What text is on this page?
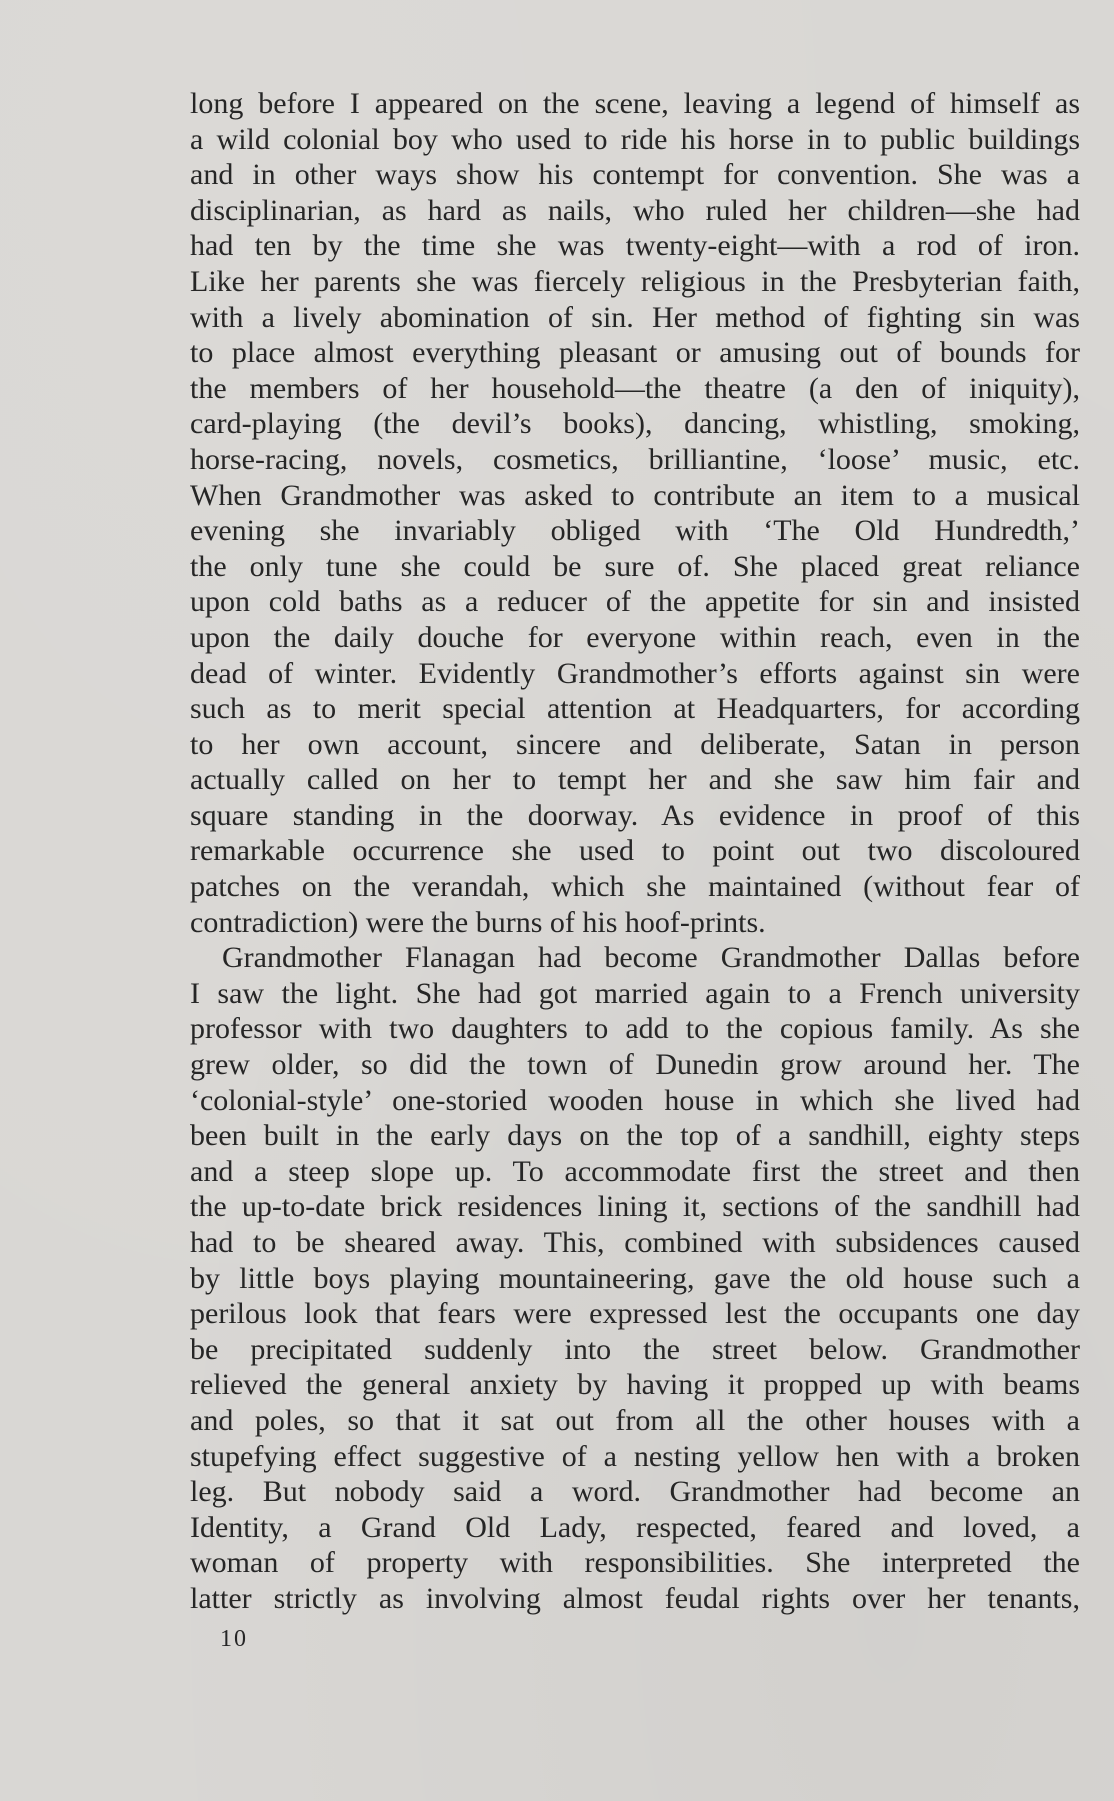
long before I appeared on the scene, leaving a legend of himself as

a wild colonial boy who used to ride his horse in to public buildings

and in other ways show his contempt for convention. She was a

disciplinarian, as hard as nails, who ruled her children—she had

had ten by the time she was twenty-eight—with a rod of iron.

Like her parents she was fiercely religious in the Presbyterian faith,

with a lively abomination of sin. Her method of fighting sin was

to place almost everything pleasant or amusing out of bounds for

the members of her household—the theatre (a den of iniquity),

card-playing (the devil’s books), dancing, whistling, smoking,

horse-racing, novels, cosmetics, brilliantine, ‘loose’ music, etc.

When Grandmother was asked to contribute an item to a musical

evening she invariably obliged with ‘The Old Hundredth,’

the only tune she could be sure of. She placed great reliance

upon cold baths as a reducer of the appetite for sin and insisted

upon the daily douche for everyone within reach, even in the

dead of winter. Evidently Grandmother’s efforts against sin were

such as to merit special attention at Headquarters, for according

to her own account, sincere and deliberate, Satan in person

actually called on her to tempt her and she saw him fair and

square standing in the doorway. As evidence in proof of this

remarkable occurrence she used to point out two discoloured

patches on the verandah, which she maintained (without fear of

contradiction) were the burns of his hoof-prints.

Grandmother Flanagan had become Grandmother Dallas before

I saw the light. She had got married again to a French university

professor with two daughters to add to the copious family. As she

grew older, so did the town of Dunedin grow around her. The

‘colonial-style’ one-storied wooden house in which she lived had

been built in the early days on the top of a sandhill, eighty steps

and a steep slope up. To accommodate first the street and then

the up-to-date brick residences lining it, sections of the sandhill had

had to be sheared away. This, combined with subsidences caused

by little boys playing mountaineering, gave the old house such a

perilous look that fears were expressed lest the occupants one day

be precipitated suddenly into the street below. Grandmother

relieved the general anxiety by having it propped up with beams

and poles, so that it sat out from all the other houses with a

stupefying effect suggestive of a nesting yellow hen with a broken

leg. But nobody said a word. Grandmother had become an

Identity, a Grand Old Lady, respected, feared and loved, a

woman of property with responsibilities. She interpreted the

latter strictly as involving almost feudal rights over her tenants,

10
